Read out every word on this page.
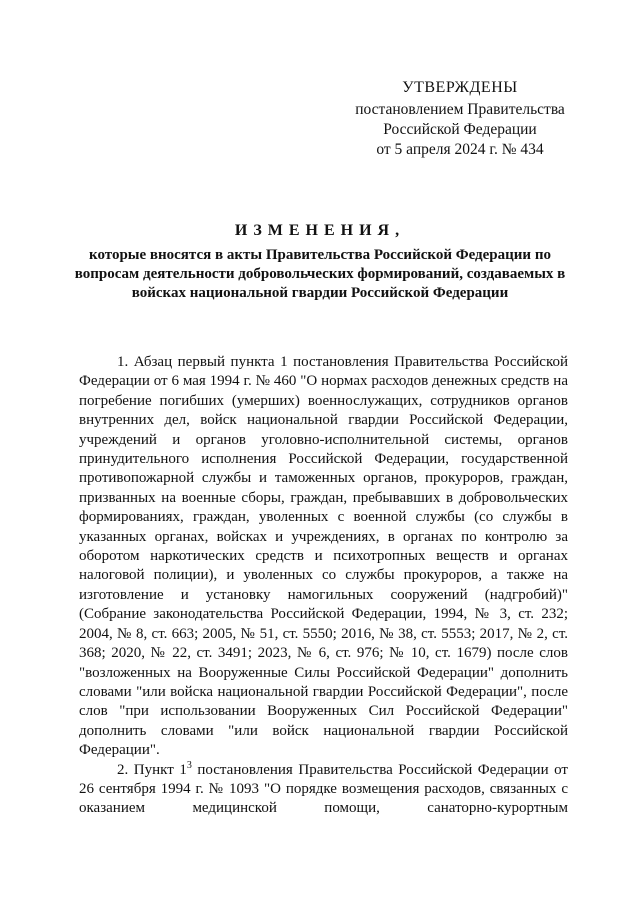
УТВЕРЖДЕНЫ
постановлением Правительства
Российской Федерации
от 5 апреля 2024 г. № 434
ИЗМЕНЕНИЯ,
которые вносятся в акты Правительства Российской Федерации по вопросам деятельности добровольческих формирований, создаваемых в войсках национальной гвардии Российской Федерации

1. Абзац первый пункта 1 постановления Правительства Российской Федерации от 6 мая 1994 г. № 460 "О нормах расходов денежных средств на погребение погибших (умерших) военнослужащих, сотрудников органов внутренних дел, войск национальной гвардии Российской Федерации, учреждений и органов уголовно-исполнительной системы, органов принудительного исполнения Российской Федерации, государственной противопожарной службы и таможенных органов, прокуроров, граждан, призванных на военные сборы, граждан, пребывавших в добровольческих формированиях, граждан, уволенных с военной службы (со службы в указанных органах, войсках и учреждениях, в органах по контролю за оборотом наркотических средств и психотропных веществ и органах налоговой полиции), и уволенных со службы прокуроров, а также на изготовление и установку намогильных сооружений (надгробий)" (Собрание законодательства Российской Федерации, 1994, № 3, ст. 232; 2004, № 8, ст. 663; 2005, № 51, ст. 5550; 2016, № 38, ст. 5553; 2017, № 2, ст. 368; 2020, № 22, ст. 3491; 2023, № 6, ст. 976; № 10, ст. 1679) после слов "возложенных на Вооруженные Силы Российской Федерации" дополнить словами "или войска национальной гвардии Российской Федерации", после слов "при использовании Вооруженных Сил Российской Федерации" дополнить словами "или войск национальной гвардии Российской Федерации".

2. Пункт $1^3$ постановления Правительства Российской Федерации от 26 сентября 1994 г. № 1093 "О порядке возмещения расходов, связанных с оказанием медицинской помощи, санаторно-курортным
